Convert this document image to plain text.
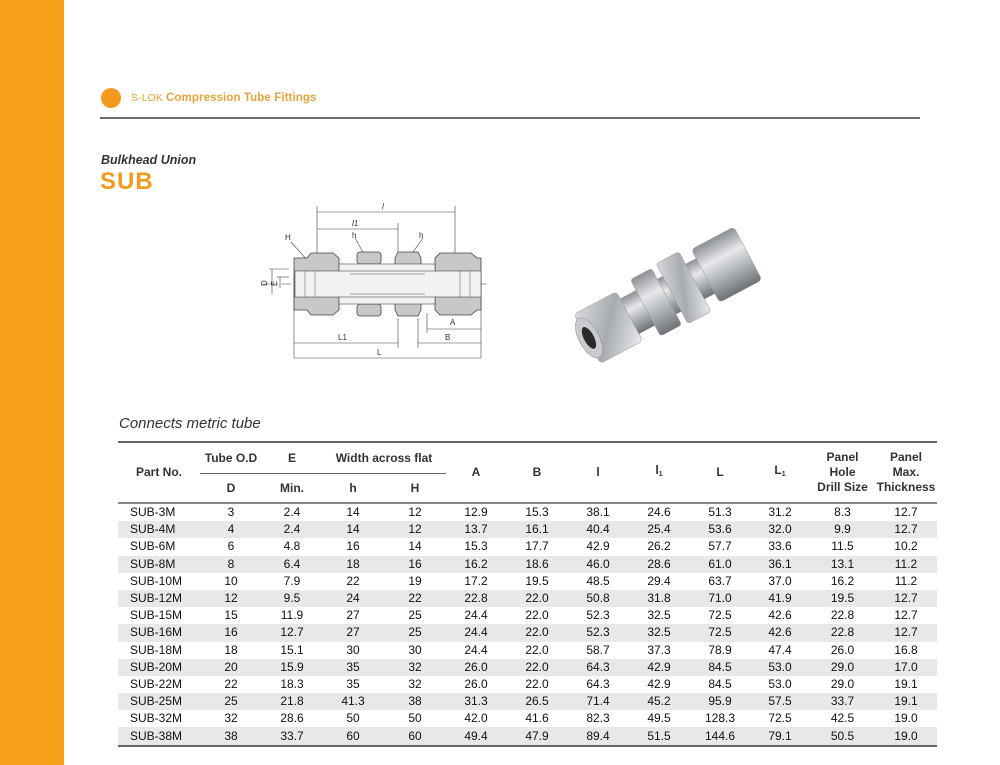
S-LOK Compression Tube Fittings
Bulkhead Union
SUB
l
l1
H	h	h
D E
A
B
L1
L
Connects metric tube
Part No.	Tube O.D	E	Width across flat		A	B	l	$l_1$	L	$L_1$	Panel
Hole
Drill Size	Panel
Max.
Thickness
	D	Min.	h	H								
SUB-3M	3	2.4	14	12	12.9	15.3	38.1	24.6	51.3	31.2	8.3	12.7
SUB-4M	4	2.4	14	12	13.7	16.1	40.4	25.4	53.6	32.0	9.9	12.7
SUB-6M	6	4.8	16	14	15.3	17.7	42.9	26.2	57.7	33.6	11.5	10.2
SUB-8M	8	6.4	18	16	16.2	18.6	46.0	28.6	61.0	36.1	13.1	11.2
SUB-10M	10	7.9	22	19	17.2	19.5	48.5	29.4	63.7	37.0	16.2	11.2
SUB-12M	12	9.5	24	22	22.8	22.0	50.8	31.8	71.0	41.9	19.5	12.7
SUB-15M	15	11.9	27	25	24.4	22.0	52.3	32.5	72.5	42.6	22.8	12.7
SUB-16M	16	12.7	27	25	24.4	22.0	52.3	32.5	72.5	42.6	22.8	12.7
SUB-18M	18	15.1	30	30	24.4	22.0	58.7	37.3	78.9	47.4	26.0	16.8
SUB-20M	20	15.9	35	32	26.0	22.0	64.3	42.9	84.5	53.0	29.0	17.0
SUB-22M	22	18.3	35	32	26.0	22.0	64.3	42.9	84.5	53.0	29.0	19.1
SUB-25M	25	21.8	41.3	38	31.3	26.5	71.4	45.2	95.9	57.5	33.7	19.1
SUB-32M	32	28.6	50	50	42.0	41.6	82.3	49.5	128.3	72.5	42.5	19.0
SUB-38M	38	33.7	60	60	49.4	47.9	89.4	51.5	144.6	79.1	50.5	19.0
